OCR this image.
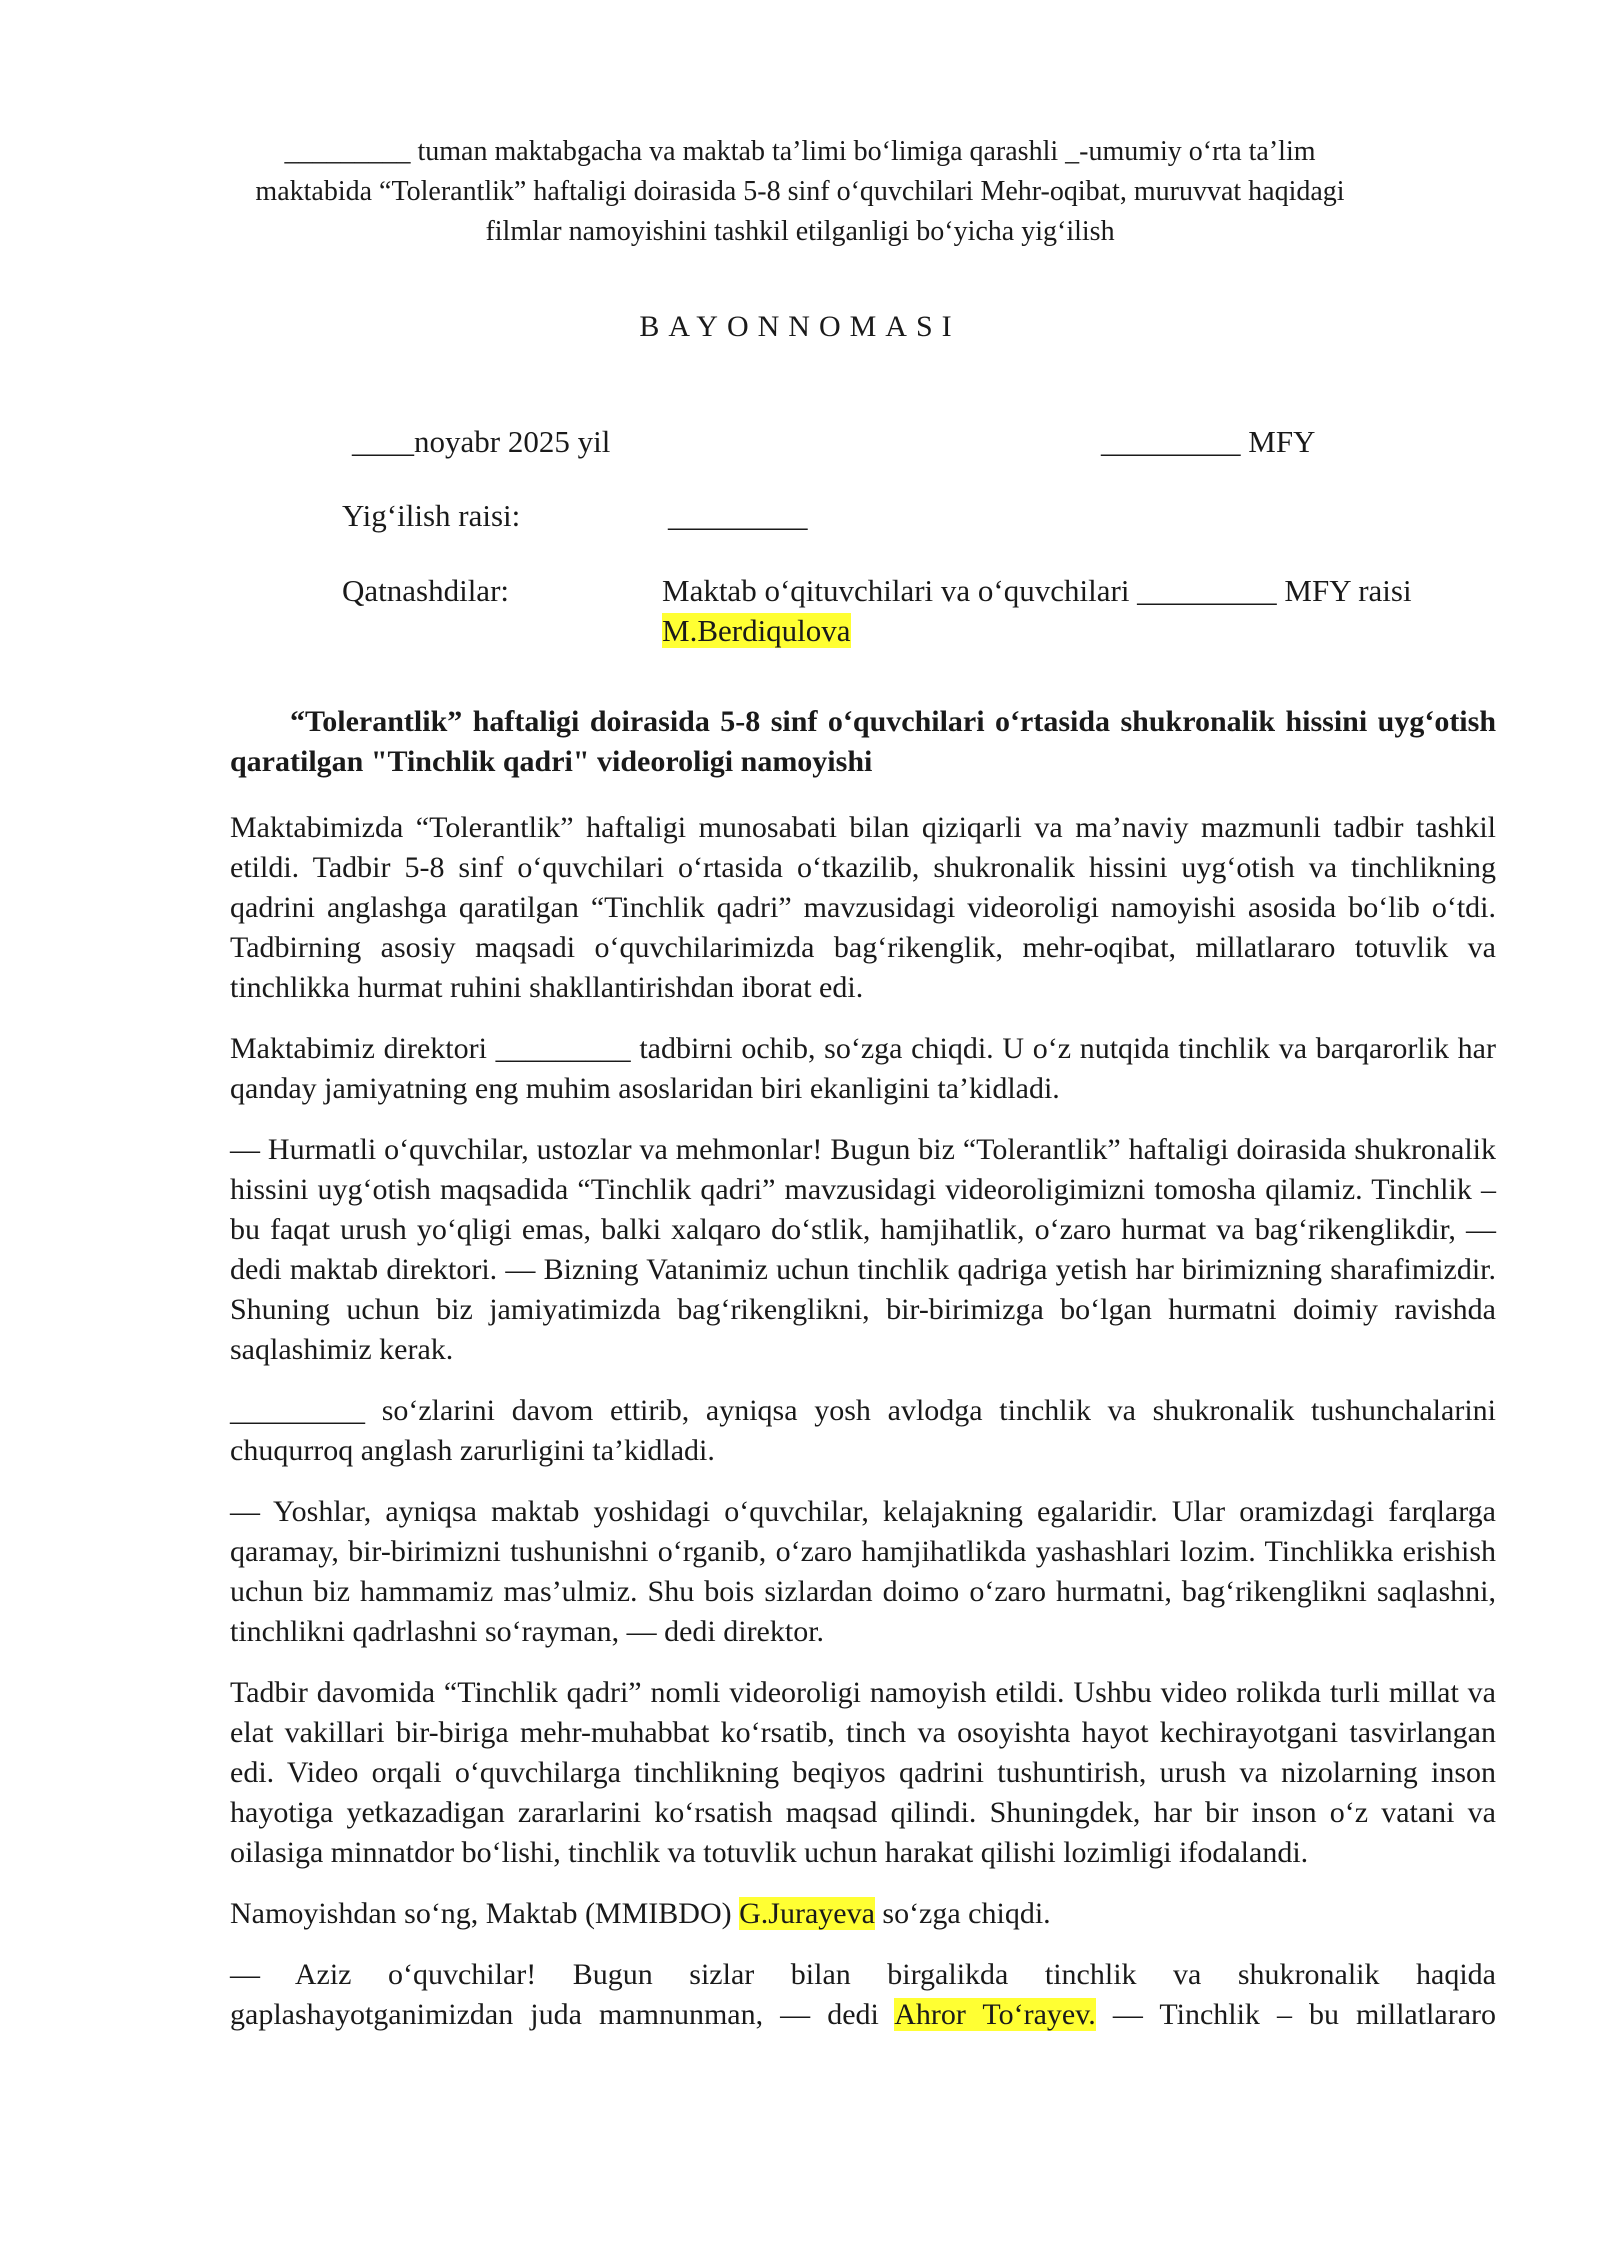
_________ tuman maktabgacha va maktab ta’limi bo‘limiga qarashli _-umumiy o‘rta ta’lim
maktabida “Tolerantlik” haftaligi doirasida 5-8 sinf o‘quvchilari Mehr-oqibat, muruvvat haqidagi
filmlar namoyishini tashkil etilganligi bo‘yicha yig‘ilish
BAYONNOMASI
____noyabr 2025 yil	_________ MFY
Yig‘ilish raisi:	_________
Qatnashdilar:	Maktab o‘qituvchilari va o‘quvchilari _________ MFY raisi
M.Berdiqulova
“Tolerantlik” haftaligi doirasida 5-8 sinf o‘quvchilari o‘rtasida shukronalik hissini uyg‘otish qaratilgan "Tinchlik qadri" videoroligi namoyishi

Maktabimizda “Tolerantlik” haftaligi munosabati bilan qiziqarli va ma’naviy mazmunli tadbir tashkil etildi. Tadbir 5-8 sinf o‘quvchilari o‘rtasida o‘tkazilib, shukronalik hissini uyg‘otish va tinchlikning qadrini anglashga qaratilgan “Tinchlik qadri” mavzusidagi videoroligi namoyishi asosida bo‘lib o‘tdi. Tadbirning asosiy maqsadi o‘quvchilarimizda bag‘rikenglik, mehr-oqibat, millatlararo totuvlik va tinchlikka hurmat ruhini shakllantirishdan iborat edi.

Maktabimiz direktori _________ tadbirni ochib, so‘zga chiqdi. U o‘z nutqida tinchlik va barqarorlik har qanday jamiyatning eng muhim asoslaridan biri ekanligini ta’kidladi.

— Hurmatli o‘quvchilar, ustozlar va mehmonlar! Bugun biz “Tolerantlik” haftaligi doirasida shukronalik hissini uyg‘otish maqsadida “Tinchlik qadri” mavzusidagi videoroligimizni tomosha qilamiz. Tinchlik – bu faqat urush yo‘qligi emas, balki xalqaro do‘stlik, hamjihatlik, o‘zaro hurmat va bag‘rikenglikdir, — dedi maktab direktori. — Bizning Vatanimiz uchun tinchlik qadriga yetish har birimizning sharafimizdir. Shuning uchun biz jamiyatimizda bag‘rikenglikni, bir-birimizga bo‘lgan hurmatni doimiy ravishda saqlashimiz kerak.

_________ so‘zlarini davom ettirib, ayniqsa yosh avlodga tinchlik va shukronalik tushunchalarini chuqurroq anglash zarurligini ta’kidladi.

— Yoshlar, ayniqsa maktab yoshidagi o‘quvchilar, kelajakning egalaridir. Ular oramizdagi farqlarga qaramay, bir-birimizni tushunishni o‘rganib, o‘zaro hamjihatlikda yashashlari lozim. Tinchlikka erishish uchun biz hammamiz mas’ulmiz. Shu bois sizlardan doimo o‘zaro hurmatni, bag‘rikenglikni saqlashni, tinchlikni qadrlashni so‘rayman, — dedi direktor.

Tadbir davomida “Tinchlik qadri” nomli videoroligi namoyish etildi. Ushbu video rolikda turli millat va elat vakillari bir-biriga mehr-muhabbat ko‘rsatib, tinch va osoyishta hayot kechirayotgani tasvirlangan edi. Video orqali o‘quvchilarga tinchlikning beqiyos qadrini tushuntirish, urush va nizolarning inson hayotiga yetkazadigan zararlarini ko‘rsatish maqsad qilindi. Shuningdek, har bir inson o‘z vatani va oilasiga minnatdor bo‘lishi, tinchlik va totuvlik uchun harakat qilishi lozimligi ifodalandi.

Namoyishdan so‘ng, Maktab (MMIBDO) G.Jurayeva so‘zga chiqdi.

— Aziz o‘quvchilar! Bugun sizlar bilan birgalikda tinchlik va shukronalik haqida gaplashayotganimizdan juda mamnunman, — dedi Ahror To‘rayev. — Tinchlik – bu millatlararo
